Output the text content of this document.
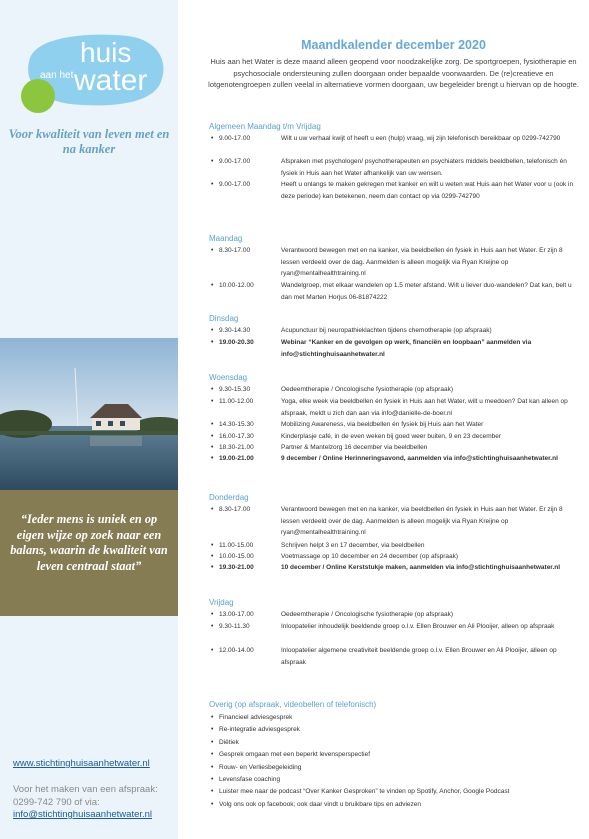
huis
aan het water
Voor kwaliteit van leven met en na kanker
“Ieder mens is uniek en op eigen wijze op zoek naar een balans, waarin de kwaliteit van leven centraal staat”
www.stichtinghuisaanhetwater.nl
Voor het maken van een afspraak: 0299-742 790 of via:
info@stichtinghuisaanhetwater.nl
Maandkalender december 2020
Huis aan het Water is deze maand alleen geopend voor noodzakelijke zorg. De sportgroepen, fysiotherapie en psychosociale ondersteuning zullen doorgaan onder bepaalde voorwaarden. De (re)creatieve en lotgenotengroepen zullen veelal in alternatieve vormen doorgaan, uw begeleider brengt u hiervan op de hoogte.
Algemeen Maandag t/m Vrijdag
• 9.00-17.00	Wilt u uw verhaal kwijt of heeft u een (hulp) vraag, wij zijn telefonisch bereikbaar op 0299-742790
• 9.00-17.00	Afspraken met psychologen/ psychotherapeuten en psychiaters middels beeldbellen, telefonisch én fysiek in Huis aan het Water afhankelijk van uw wensen.
• 9.00-17.00	Heeft u onlangs te maken gekregen met kanker en wilt u weten wat Huis aan het Water voor u (ook in deze periode) kan betekenen, neem dan contact op via 0299-742790
Maandag
• 8.30-17.00	Verantwoord bewegen met en na kanker, via beeldbellen én fysiek in Huis aan het Water. Er zijn 8 lessen verdeeld over de dag. Aanmelden is alleen mogelijk via Ryan Kreijne op ryan@mentalhealthtraining.nl
• 10.00-12.00	Wandelgroep, met elkaar wandelen op 1.5 meter afstand. Wilt u liever duo-wandelen? Dat kan, belt u dan met Marten Horjus 06-81874222
Dinsdag
• 9.30-14.30	Acupunctuur bij neuropathieklachten tijdens chemotherapie (op afspraak)
• 19.00-20.30	Webinar “Kanker en de gevolgen op werk, financiën en loopbaan” aanmelden via info@stichtinghuisaanhetwater.nl
Woensdag
• 9.30-15.30	Oedeemtherapie / Oncologische fysiotherapie (op afspraak)
• 11.00-12.00	Yoga, elke week via beeldbellen én fysiek in Huis aan het Water, wilt u meedoen? Dat kan alleen op afspraak, meldt u zich dan aan via info@danielle-de-boer.nl
• 14.30-15.30	Mobilizing Awareness, via beeldbellen én fysiek bij Huis aan het Water
• 16.00-17.30	Kinderplasje café, in de even weken bij goed weer buiten, 9 en 23 december
• 18.30-21.00	Partner & Mantelzorg 16 december via beeldbellen
• 19.00-21.00	9 december / Online Herinneringsavond, aanmelden via info@stichtinghuisaanhetwater.nl
Donderdag
• 8.30-17.00	Verantwoord bewegen met en na kanker, via beeldbellen én fysiek in Huis aan het Water. Er zijn 8 lessen verdeeld over de dag. Aanmelden is alleen mogelijk via Ryan Kreijne op ryan@mentalhealthtraining.nl
• 11.00-15.00	Schrijven helpt 3 en 17 december, via beeldbellen
• 10.00-15.00	Voetmassage op 10 december en 24 december (op afspraak)
• 19.30-21.00	10 december / Online Kerststukje maken, aanmelden via info@stichtinghuisaanhetwater.nl
Vrijdag
• 13.00-17.00	Oedeemtherapie / Oncologische fysiotherapie (op afspraak)
• 9.30-11.30	Inloopatelier inhoudelijk beeldende groep o.l.v. Ellen Brouwer en Ali Plooijer, alleen op afspraak
• 12.00-14.00	Inloopatelier algemene creativiteit beeldende groep o.l.v. Ellen Brouwer en Ali Plooijer, alleen op afspraak
Overig (op afspraak, videobellen of telefonisch)
• Financieel adviesgesprek
• Re-integratie adviesgesprek
• Diëtiek
• Gesprek omgaan met een beperkt levensperspectief
• Rouw- en Verliesbegeleiding
• Levensfase coaching
• Luister mee naar de podcast “Over Kanker Gesproken” te vinden op Spotify, Anchor, Google Podcast
• Volg ons ook op facebook; ook daar vindt u bruikbare tips en adviezen
